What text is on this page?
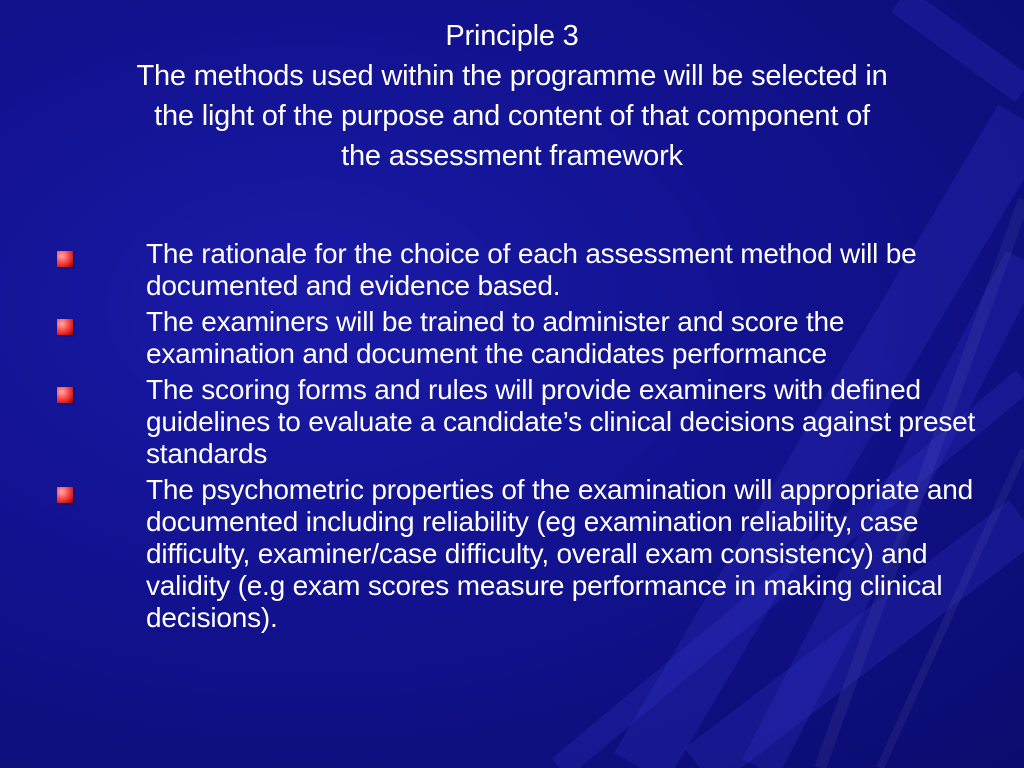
Principle 3
The methods used within the programme will be selected in
the light of the purpose and content of that component of
the assessment framework
The rationale for the choice of each assessment method will be documented and evidence based.
The examiners will be trained to administer and score the examination and document the candidates performance
The scoring forms and rules will provide examiners with defined guidelines to evaluate a candidate’s clinical decisions against preset standards
The psychometric properties of the examination will appropriate and documented including reliability (eg examination reliability, case difficulty, examiner/case difficulty, overall exam consistency) and validity (e.g exam scores measure performance in making clinical decisions).
